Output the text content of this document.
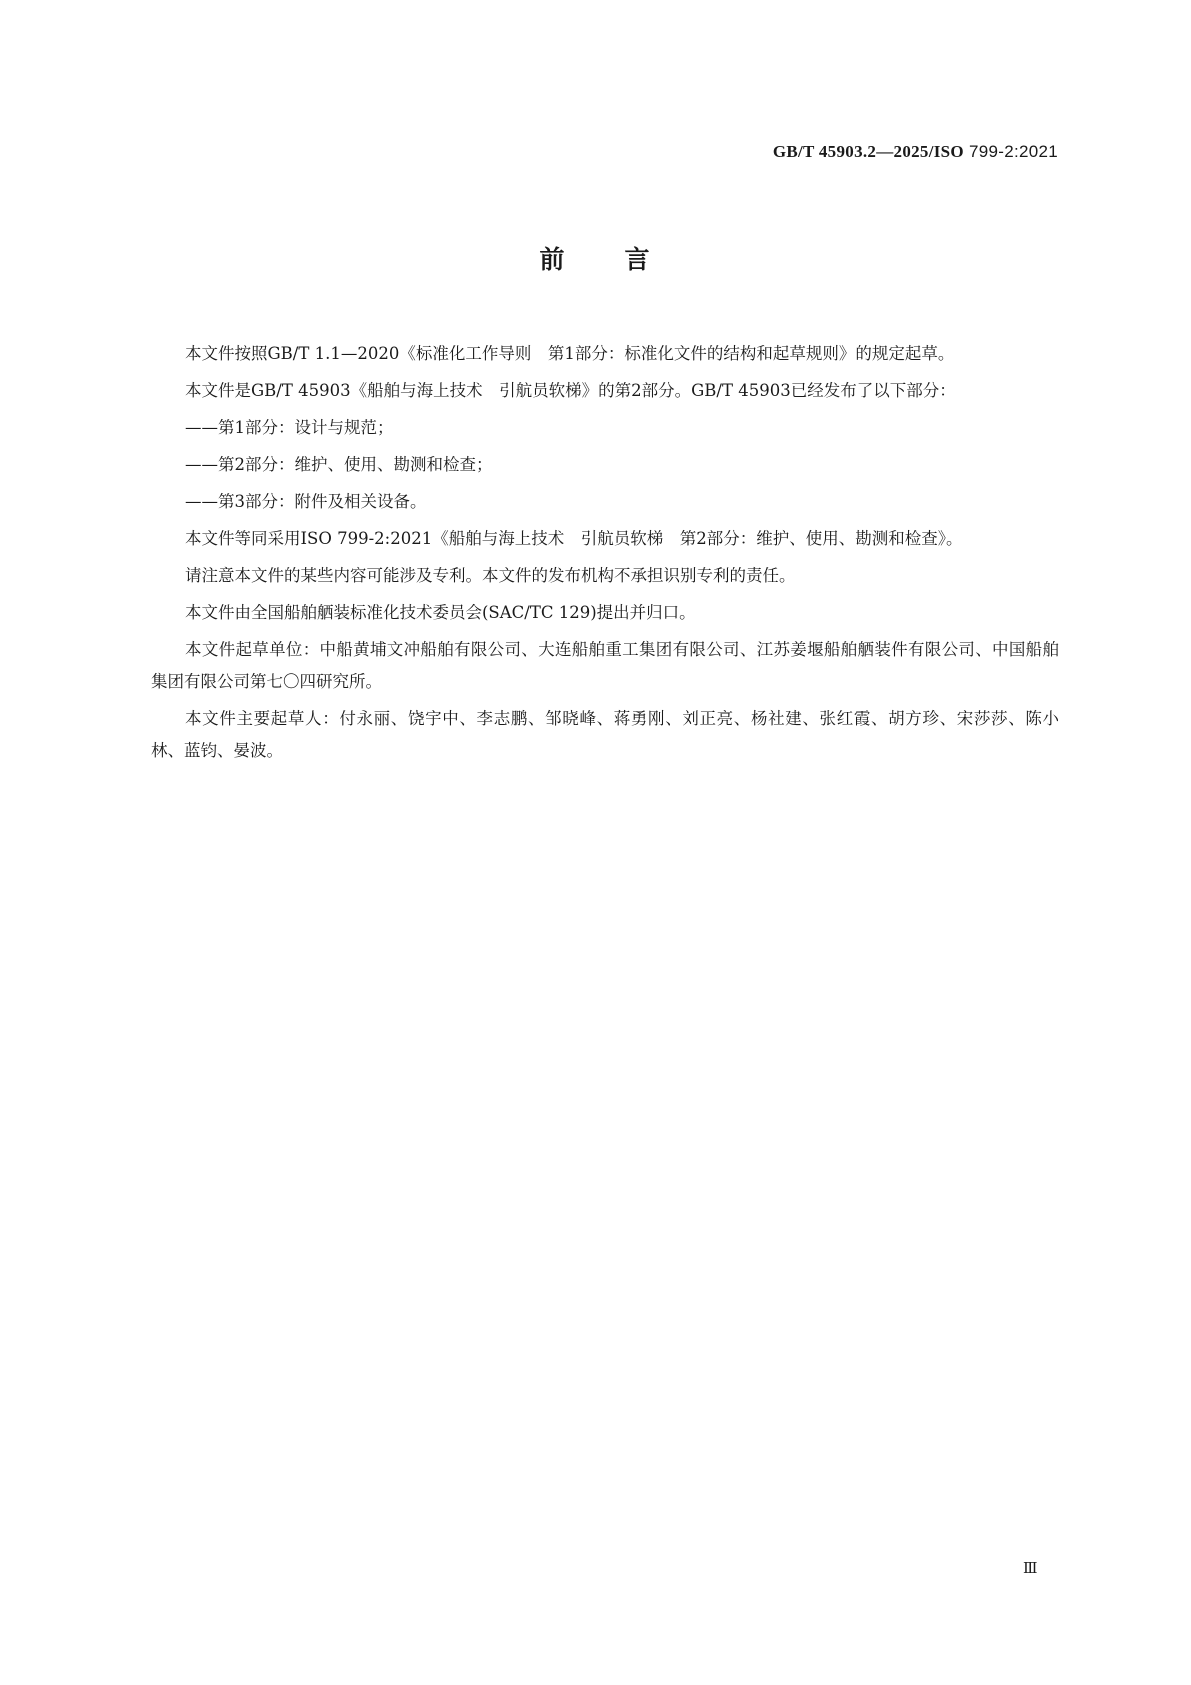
GB/T 45903.2—2025/ISO 799-2:2021
前 言

本文件按照GB/T 1.1—2020《标准化工作导则　第1部分：标准化文件的结构和起草规则》的规定起草。

本文件是GB/T 45903《船舶与海上技术　引航员软梯》的第2部分。GB/T 45903已经发布了以下部分：

——第1部分：设计与规范；

——第2部分：维护、使用、勘测和检查；

——第3部分：附件及相关设备。

本文件等同采用ISO 799-2:2021《船舶与海上技术　引航员软梯　第2部分：维护、使用、勘测和检查》。

请注意本文件的某些内容可能涉及专利。本文件的发布机构不承担识别专利的责任。

本文件由全国船舶舾装标准化技术委员会(SAC/TC 129)提出并归口。

本文件起草单位：中船黄埔文冲船舶有限公司、大连船舶重工集团有限公司、江苏姜堰船舶舾装件有限公司、中国船舶集团有限公司第七〇四研究所。

本文件主要起草人：付永丽、饶宇中、李志鹏、邹晓峰、蒋勇刚、刘正亮、杨社建、张红霞、胡方珍、宋莎莎、陈小林、蓝钧、晏波。

Ⅲ
